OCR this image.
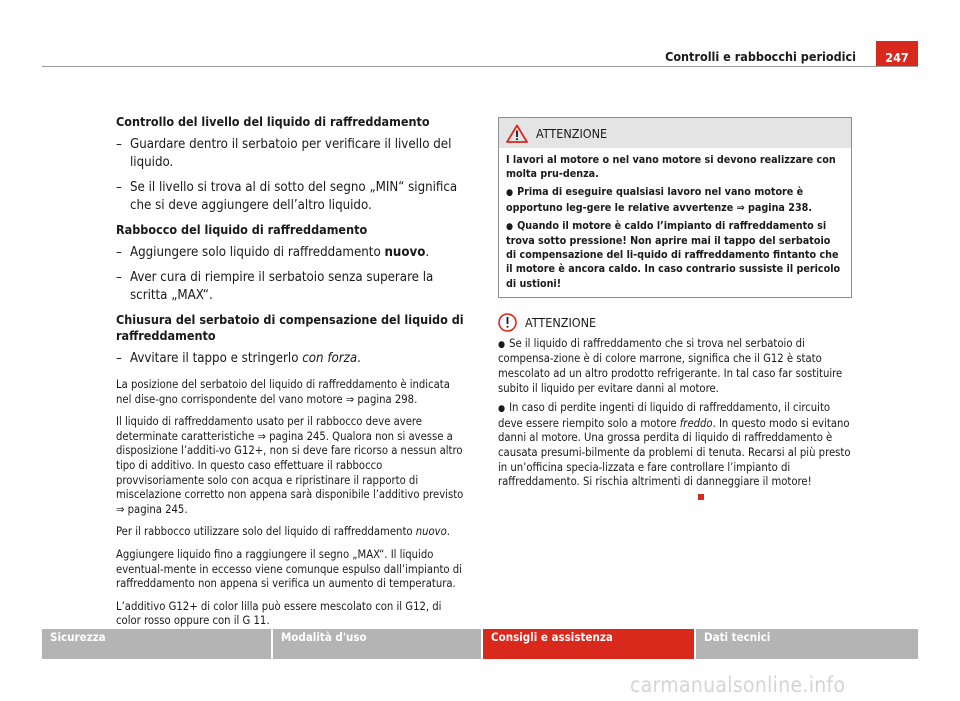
Controlli e rabbocchi periodici	247
Controllo del livello del liquido di raffreddamento
– Guardare dentro il serbatoio per verificare il livello del liquido.
– Se il livello si trova al di sotto del segno „MIN“ significa che si deve aggiungere dell’altro liquido.
Rabbocco del liquido di raffreddamento
– Aggiungere solo liquido di raffreddamento nuovo.
– Aver cura di riempire il serbatoio senza superare la scritta „MAX“.
Chiusura del serbatoio di compensazione del liquido di raffreddamento
– Avvitare il tappo e stringerlo con forza.

La posizione del serbatoio del liquido di raffreddamento è indicata nel dise-gno corrispondente del vano motore ⇒ pagina 298.

Il liquido di raffreddamento usato per il rabbocco deve avere determinate caratteristiche ⇒ pagina 245. Qualora non si avesse a disposizione l’additi-vo G12+, non si deve fare ricorso a nessun altro tipo di additivo. In questo caso effettuare il rabbocco provvisoriamente solo con acqua e ripristinare il rapporto di miscelazione corretto non appena sarà disponibile l’additivo previsto ⇒ pagina 245.

Per il rabbocco utilizzare solo del liquido di raffreddamento nuovo.

Aggiungere liquido fino a raggiungere il segno „MAX“. Il liquido eventual-mente in eccesso viene comunque espulso dall’impianto di raffreddamento non appena si verifica un aumento di temperatura.

L’additivo G12+ di color lilla può essere mescolato con il G12, di color rosso oppure con il G 11.

ATTENZIONE

I lavori al motore o nel vano motore si devono realizzare con molta pru-denza.

● Prima di eseguire qualsiasi lavoro nel vano motore è opportuno leg-gere le relative avvertenze ⇒ pagina 238.

● Quando il motore è caldo l’impianto di raffreddamento si trova sotto pressione! Non aprire mai il tappo del serbatoio di compensazione del li-quido di raffreddamento fintanto che il motore è ancora caldo. In caso contrario sussiste il pericolo di ustioni!

ATTENZIONE

● Se il liquido di raffreddamento che si trova nel serbatoio di compensa-zione è di colore marrone, significa che il G12 è stato mescolato ad un altro prodotto refrigerante. In tal caso far sostituire subito il liquido per evitare danni al motore.

● In caso di perdite ingenti di liquido di raffreddamento, il circuito deve essere riempito solo a motore freddo. In questo modo si evitano danni al motore. Una grossa perdita di liquido di raffreddamento è causata presumi-bilmente da problemi di tenuta. Recarsi al più presto in un’officina specia-lizzata e fare controllare l’impianto di raffreddamento. Si rischia altrimenti di danneggiare il motore!

Sicurezza	Modalità d'uso	Consigli e assistenza	Dati tecnici
carmanualsonline.info
